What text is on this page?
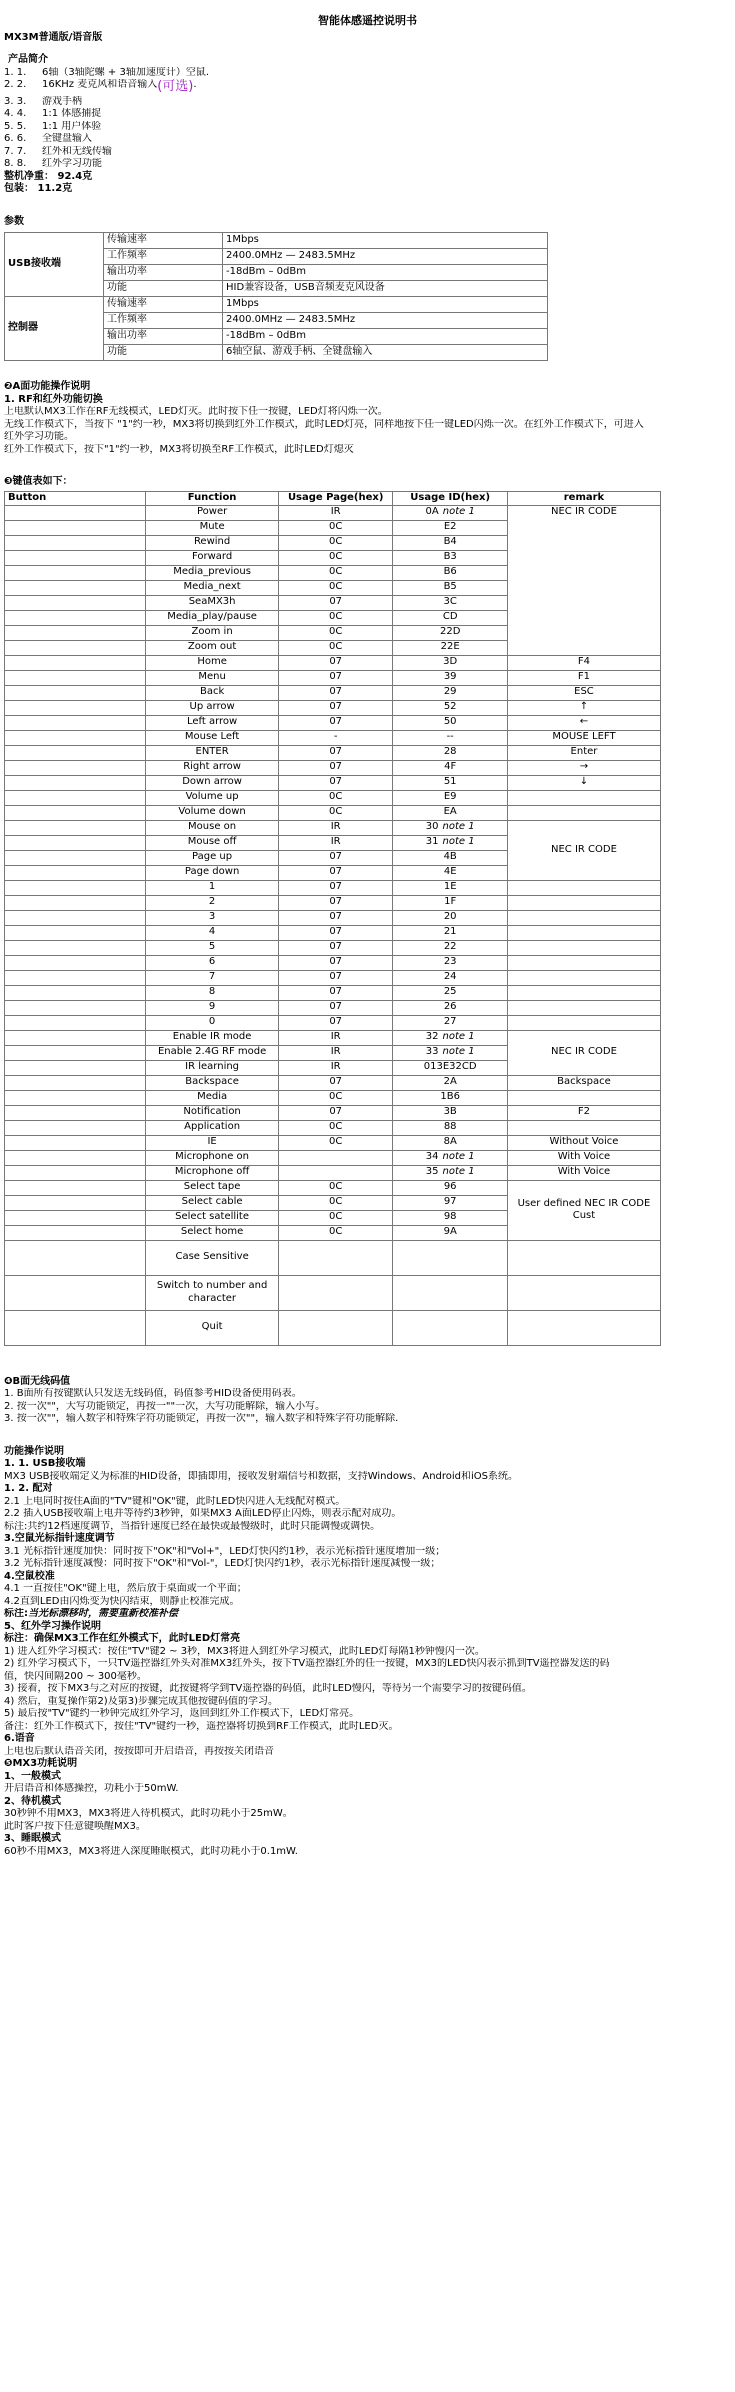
智能体感遥控说明书
MX3M普通版/语音版
产品简介
1. 1.	6轴（3轴陀螺 + 3轴加速度计）空鼠.
2. 2.	16KHz 麦克风和语音输入 (可选) .
3. 3.	游戏手柄
4. 4.	1:1 体感捕捉
5. 5.	1:1 用户体验
6. 6.	全键盘输入
7. 7.	红外和无线传输
8. 8.	红外学习功能
整机净重： 92.4克
包装： 11.2克
参数
USB接收端	传输速率	1Mbps
	工作频率	2400.0MHz — 2483.5MHz
	输出功率	-18dBm – 0dBm
	功能	HID兼容设备，USB音频麦克风设备
控制器	传输速率	1Mbps
	工作频率	2400.0MHz — 2483.5MHz
	输出功率	-18dBm – 0dBm
	功能	6轴空鼠、游戏手柄、全键盘输入
❷A面功能操作说明
1. RF和红外功能切换
上电默认MX3工作在RF无线模式，LED灯灭。此时按下任一按键，LED灯将闪烁一次。
无线工作模式下，当按下 "1"约一秒，MX3将切换到红外工作模式，此时LED灯亮，同样地按下任一键LED闪烁一次。在红外工作模式下，可进入
红外学习功能。
红外工作模式下，按下"1"约一秒，MX3将切换至RF工作模式，此时LED灯熄灭
❸键值表如下：
Button	Function	Usage Page(hex)	Usage ID(hex)	remark
	Power	IR	0A note 1	NEC IR CODE
	Mute	0C	E2	
	Rewind	0C	B4	
	Forward	0C	B3	
	Media_previous	0C	B6	
	Media_next	0C	B5	
	SeaMX3h	07	3C	
	Media_play/pause	0C	CD	
	Zoom in	0C	22D	
	Zoom out	0C	22E	
	Home	07	3D	F4
	Menu	07	39	F1
	Back	07	29	ESC
	Up arrow	07	52	↑
	Left arrow	07	50	←
	Mouse Left	-	--	MOUSE LEFT
	ENTER	07	28	Enter
	Right arrow	07	4F	→
	Down arrow	07	51	↓
	Volume up	0C	E9	
	Volume down	0C	EA	
	Mouse on	IR	30 note 1	NEC IR CODE
	Mouse off	IR	31 note 1	
	Page up	07	4B	
	Page down	07	4E	
	1	07	1E	
	2	07	1F	
	3	07	20	
	4	07	21	
	5	07	22	
	6	07	23	
	7	07	24	
	8	07	25	
	9	07	26	
	0	07	27	
	Enable IR mode	IR	32 note 1	NEC IR CODE
	Enable 2.4G RF mode	IR	33 note 1	
	IR learning	IR	013E32CD	
	Backspace	07	2A	Backspace
	Media	0C	1B6	
	Notification	07	3B	F2
	Application	0C	88	
	IE	0C	8A	Without Voice
	Microphone on		34 note 1	With Voice
	Microphone off		35 note 1	With Voice
	Select tape	0C	96	User defined NEC IR CODE Cust
	Select cable	0C	97	
	Select satellite	0C	98	
	Select home	0C	9A	
	Case Sensitive			
	Switch to number and character			
	Quit			
❹B面无线码值
1. B面所有按键默认只发送无线码值，码值参考HID设备使用码表。
2. 按一次""，大写功能锁定，再按一""一次，大写功能解除，输入小写。
3. 按一次""，输入数字和特殊字符功能锁定，再按一次""，输入数字和特殊字符功能解除.
功能操作说明
1. 1. USB接收端
MX3 USB接收端定义为标准的HID设备，即插即用，接收发射端信号和数据，支持Windows、Android和iOS系统。
1. 2. 配对
2.1 上电同时按住A面的"TV"键和"OK"键，此时LED快闪进入无线配对模式。
2.2 插入USB接收端上电并等待约3秒钟，如果MX3 A面LED停止闪烁，则表示配对成功。
标注:共约12档速度调节，当指针速度已经在最快或最慢级时，此时只能调慢或调快。
3.空鼠光标指针速度调节
3.1 光标指针速度加快：同时按下"OK"和"Vol+"，LED灯快闪约1秒，表示光标指针速度增加一级；
3.2 光标指针速度减慢：同时按下"OK"和"Vol-"，LED灯快闪约1秒，表示光标指针速度减慢一级；
4.空鼠校准
4.1 一直按住"OK"键上电，然后放于桌面或一个平面；
4.2直到LED由闪烁变为快闪结束，则静止校准完成。
标注:当光标漂移时，需要重新校准补偿
5、红外学习操作说明
标注：确保MX3工作在红外模式下，此时LED灯常亮
1) 进入红外学习模式：按住"TV"键2 ~ 3秒，MX3将进入到红外学习模式，此时LED灯每隔1秒钟慢闪一次。
2) 红外学习模式下，一只TV遥控器红外头对准MX3红外头，按下TV遥控器红外的任一按键，MX3的LED快闪表示抓到TV遥控器发送的码
值，快闪间隔200 ~ 300毫秒。
3) 接着，按下MX3与之对应的按键，此按键将学到TV遥控器的码值，此时LED慢闪，等待另一个需要学习的按键码值。
4) 然后，重复操作第2)及第3)步骤完成其他按键码值的学习。
5) 最后按"TV"键约一秒钟完成红外学习，返回到红外工作模式下，LED灯常亮。
备注：红外工作模式下，按住"TV"键约一秒，遥控器将切换到RF工作模式，此时LED灭。
6.语音
上电也后默认语音关闭，按按即可开启语音，再按按关闭语音
❺MX3功耗说明
1、一般模式
开启语音和体感操控，功耗小于50mW.
2、待机模式
30秒钟不用MX3，MX3将进入待机模式，此时功耗小于25mW。
此时客户按下任意键唤醒MX3。
3、睡眠模式
60秒不用MX3，MX3将进入深度睡眠模式，此时功耗小于0.1mW.
